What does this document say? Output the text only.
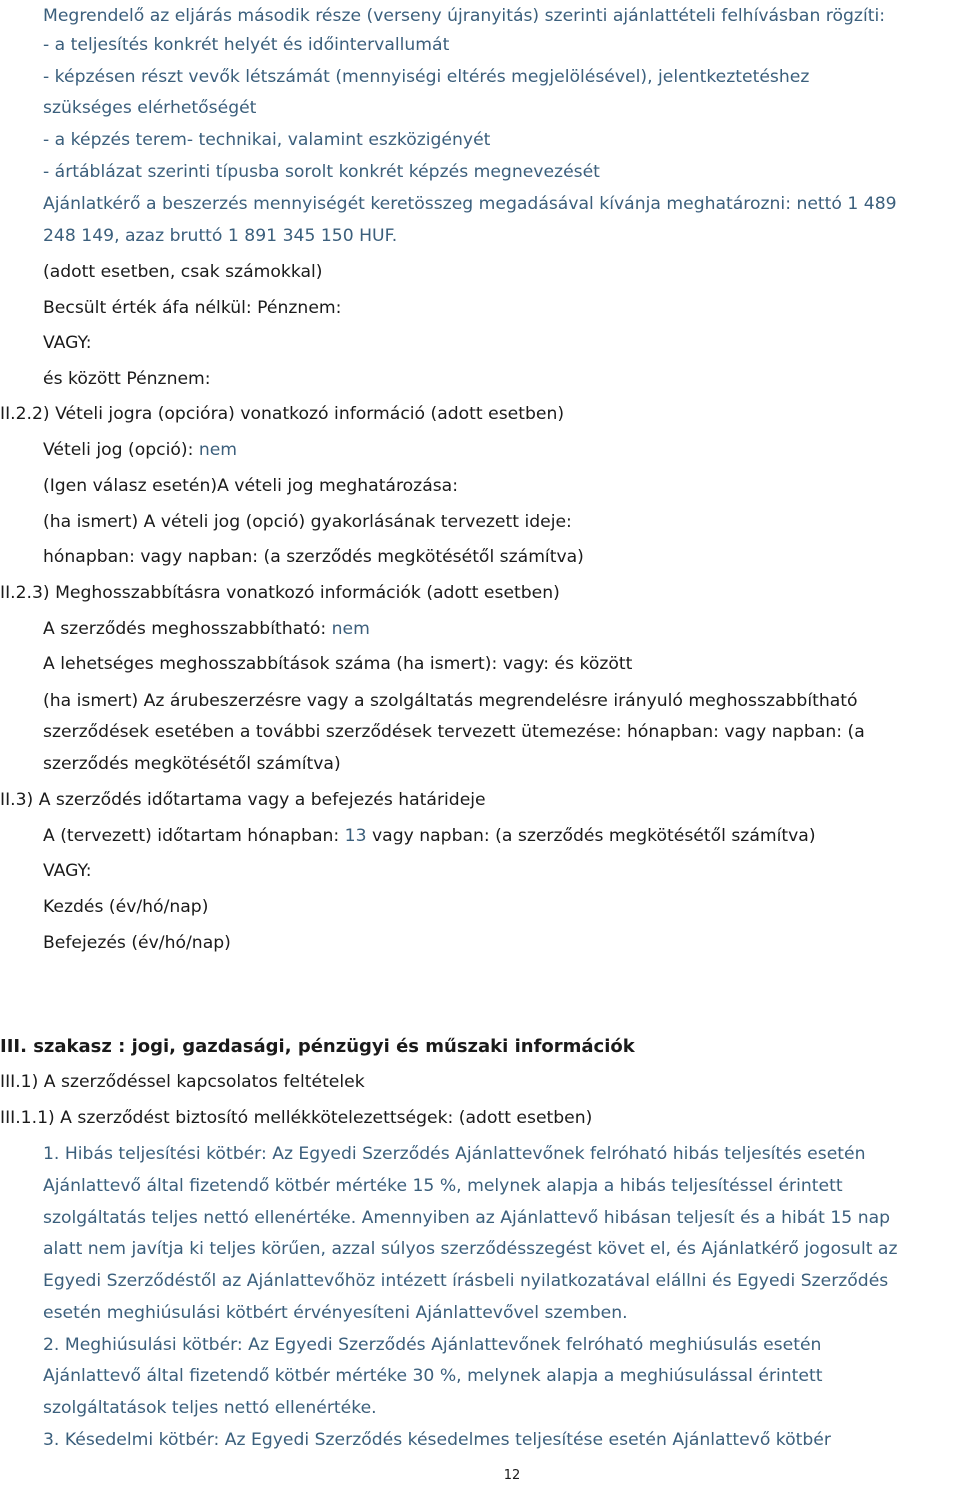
Megrendelő az eljárás második része (verseny újranyitás) szerinti ajánlattételi felhívásban rögzíti:
- a teljesítés konkrét helyét és időintervallumát
- képzésen részt vevők létszámát (mennyiségi eltérés megjelölésével), jelentkeztetéshez
szükséges elérhetőségét
- a képzés terem- technikai, valamint eszközigényét
- ártáblázat szerinti típusba sorolt konkrét képzés megnevezését
Ajánlatkérő a beszerzés mennyiségét keretösszeg megadásával kívánja meghatározni: nettó 1 489
248 149, azaz bruttó 1 891 345 150 HUF.
(adott esetben, csak számokkal)
Becsült érték áfa nélkül: Pénznem:
VAGY:
és között Pénznem:
II.2.2) Vételi jogra (opcióra) vonatkozó információ (adott esetben)
Vételi jog (opció): nem
(Igen válasz esetén)A vételi jog meghatározása:
(ha ismert) A vételi jog (opció) gyakorlásának tervezett ideje:
hónapban: vagy napban: (a szerződés megkötésétől számítva)
II.2.3) Meghosszabbításra vonatkozó információk (adott esetben)
A szerződés meghosszabbítható: nem
A lehetséges meghosszabbítások száma (ha ismert): vagy: és között
(ha ismert) Az árubeszerzésre vagy a szolgáltatás megrendelésre irányuló meghosszabbítható
szerződések esetében a további szerződések tervezett ütemezése: hónapban: vagy napban: (a
szerződés megkötésétől számítva)
II.3) A szerződés időtartama vagy a befejezés határideje
A (tervezett) időtartam hónapban: 13 vagy napban: (a szerződés megkötésétől számítva)
VAGY:
Kezdés (év/hó/nap)
Befejezés (év/hó/nap)
III. szakasz : jogi, gazdasági, pénzügyi és műszaki információk
III.1) A szerződéssel kapcsolatos feltételek
III.1.1) A szerződést biztosító mellékkötelezettségek: (adott esetben)
1. Hibás teljesítési kötbér: Az Egyedi Szerződés Ajánlattevőnek felróható hibás teljesítés esetén
Ajánlattevő által fizetendő kötbér mértéke 15 %, melynek alapja a hibás teljesítéssel érintett
szolgáltatás teljes nettó ellenértéke. Amennyiben az Ajánlattevő hibásan teljesít és a hibát 15 nap
alatt nem javítja ki teljes körűen, azzal súlyos szerződésszegést követ el, és Ajánlatkérő jogosult az
Egyedi Szerződéstől az Ajánlattevőhöz intézett írásbeli nyilatkozatával elállni és Egyedi Szerződés
esetén meghiúsulási kötbért érvényesíteni Ajánlattevővel szemben.
2. Meghiúsulási kötbér: Az Egyedi Szerződés Ajánlattevőnek felróható meghiúsulás esetén
Ajánlattevő által fizetendő kötbér mértéke 30 %, melynek alapja a meghiúsulással érintett
szolgáltatások teljes nettó ellenértéke.
3. Késedelmi kötbér: Az Egyedi Szerződés késedelmes teljesítése esetén Ajánlattevő kötbér
12
